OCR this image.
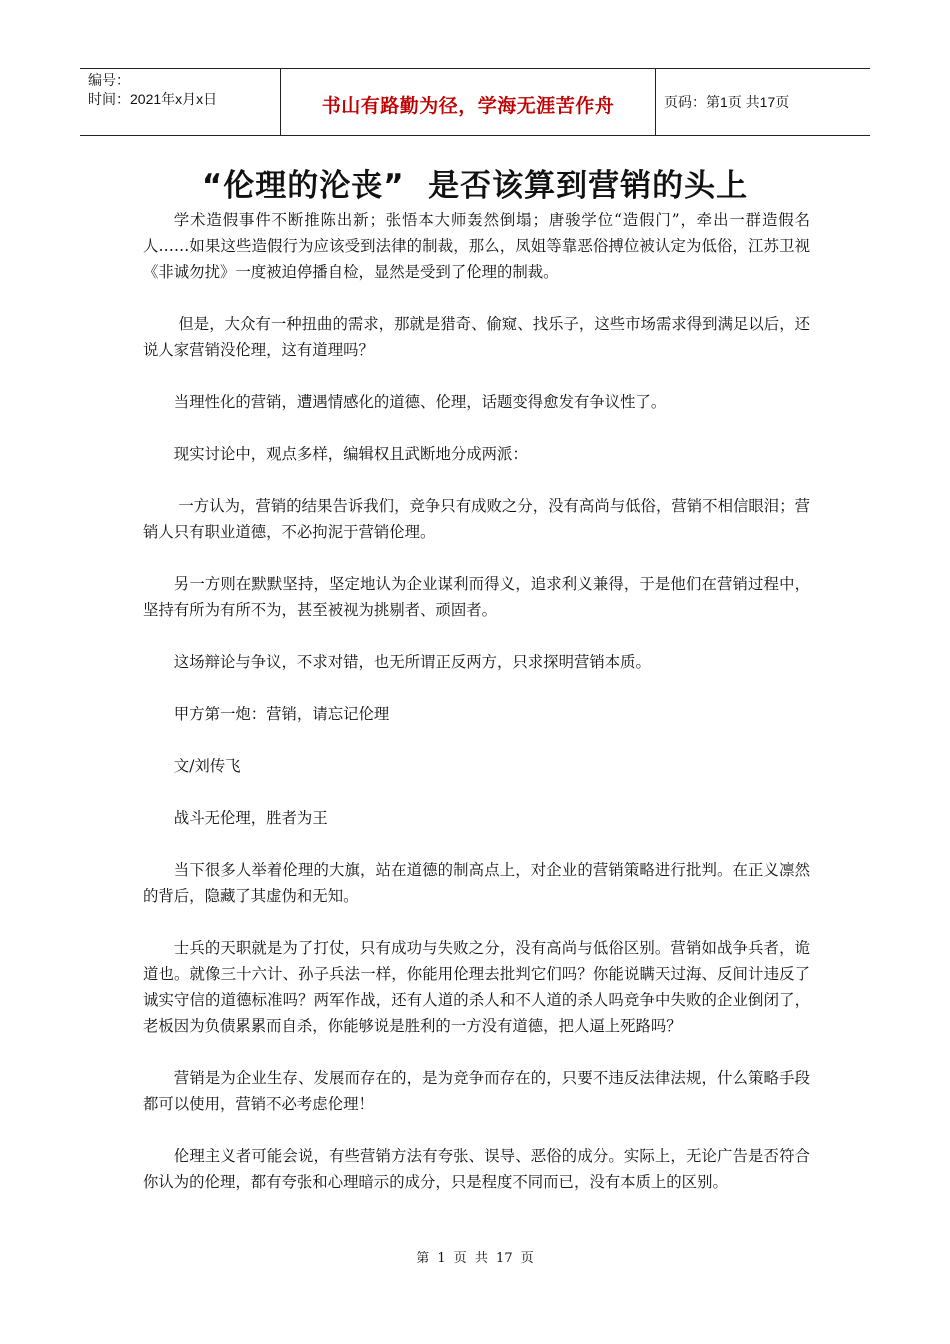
编号：
时间：2021年x月x日	书山有路勤为径，学海无涯苦作舟	页码：第1页 共17页
“伦理的沦丧”  是否该算到营销的头上

学术造假事件不断推陈出新；张悟本大师轰然倒塌；唐骏学位“造假门”，牵出一群造假名人……如果这些造假行为应该受到法律的制裁，那么，凤姐等靠恶俗搏位被认定为低俗，江苏卫视《非诚勿扰》一度被迫停播自检，显然是受到了伦理的制裁。

但是，大众有一种扭曲的需求，那就是猎奇、偷窥、找乐子，这些市场需求得到满足以后，还说人家营销没伦理，这有道理吗？

当理性化的营销，遭遇情感化的道德、伦理，话题变得愈发有争议性了。

现实讨论中，观点多样，编辑权且武断地分成两派：

一方认为，营销的结果告诉我们，竞争只有成败之分，没有高尚与低俗，营销不相信眼泪；营销人只有职业道德，不必拘泥于营销伦理。

另一方则在默默坚持，坚定地认为企业谋利而得义，追求利义兼得，于是他们在营销过程中，坚持有所为有所不为，甚至被视为挑剔者、顽固者。

这场辩论与争议，不求对错，也无所谓正反两方，只求探明营销本质。

甲方第一炮：营销，请忘记伦理

文/刘传飞

战斗无伦理，胜者为王

当下很多人举着伦理的大旗，站在道德的制高点上，对企业的营销策略进行批判。在正义凛然的背后，隐藏了其虚伪和无知。

士兵的天职就是为了打仗，只有成功与失败之分，没有高尚与低俗区别。营销如战争兵者，诡道也。就像三十六计、孙子兵法一样，你能用伦理去批判它们吗？你能说瞒天过海、反间计违反了诚实守信的道德标准吗？两军作战，还有人道的杀人和不人道的杀人吗竞争中失败的企业倒闭了，老板因为负债累累而自杀，你能够说是胜利的一方没有道德，把人逼上死路吗？

营销是为企业生存、发展而存在的，是为竞争而存在的，只要不违反法律法规，什么策略手段都可以使用，营销不必考虑伦理！

伦理主义者可能会说，有些营销方法有夸张、误导、恶俗的成分。实际上，无论广告是否符合你认为的伦理，都有夸张和心理暗示的成分，只是程度不同而已，没有本质上的区别。

第 1 页 共 17 页
